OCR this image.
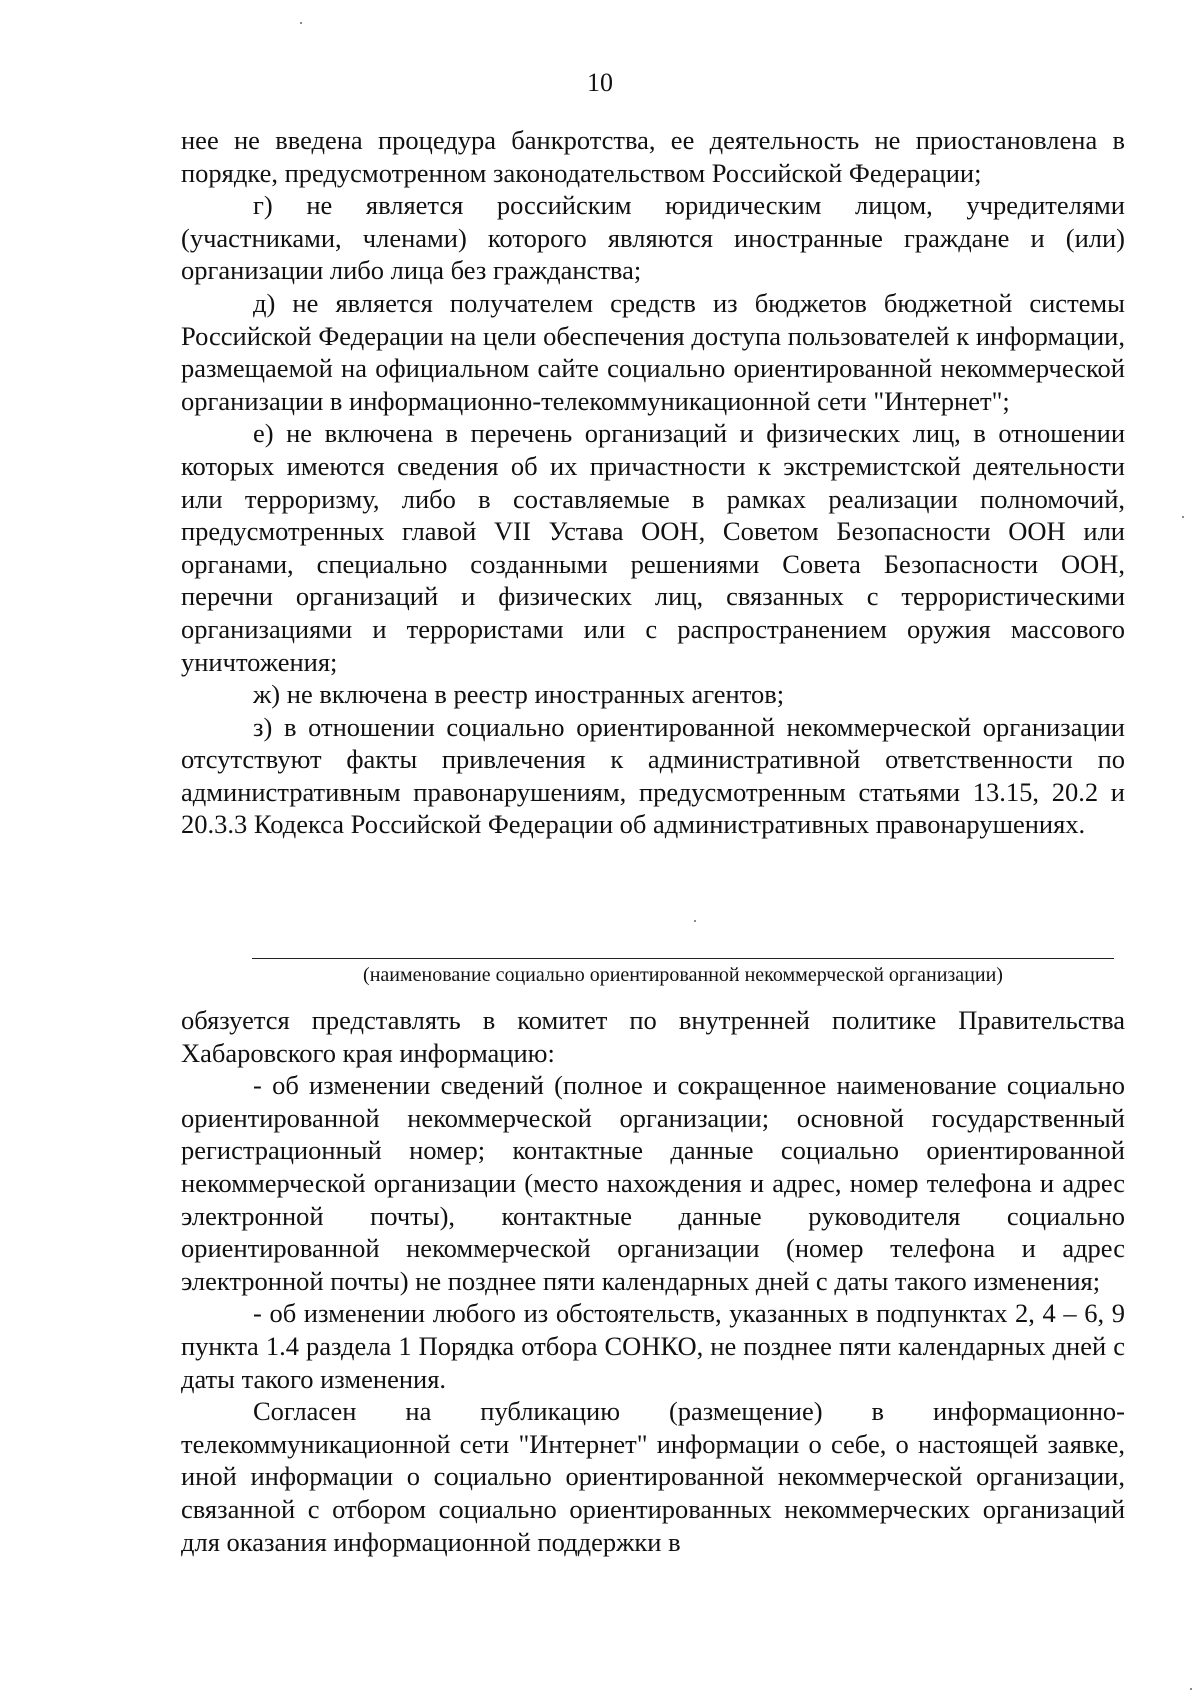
10

нее не введена процедура банкротства, ее деятельность не приостановлена в порядке, предусмотренном законодательством Российской Федерации;

г) не является российским юридическим лицом, учредителями (участниками, членами) которого являются иностранные граждане и (или) организации либо лица без гражданства;

д) не является получателем средств из бюджетов бюджетной системы Российской Федерации на цели обеспечения доступа пользователей к информации, размещаемой на официальном сайте социально ориентированной некоммерческой организации в информационно-телекоммуникационной сети "Интернет";

е) не включена в перечень организаций и физических лиц, в отношении которых имеются сведения об их причастности к экстремистской деятельности или терроризму, либо в составляемые в рамках реализации полномочий, предусмотренных главой VII Устава ООН, Советом Безопасности ООН или органами, специально созданными решениями Совета Безопасности ООН, перечни организаций и физических лиц, связанных с террористическими организациями и террористами или с распространением оружия массового уничтожения;

ж) не включена в реестр иностранных агентов;

з) в отношении социально ориентированной некоммерческой организации отсутствуют факты привлечения к административной ответственности по административным правонарушениям, предусмотренным статьями 13.15, 20.2 и 20.3.3 Кодекса Российской Федерации об административных правонарушениях.

(наименование социально ориентированной некоммерческой организации)

обязуется представлять в комитет по внутренней политике Правительства Хабаровского края информацию:

- об изменении сведений (полное и сокращенное наименование социально ориентированной некоммерческой организации; основной государственный регистрационный номер; контактные данные социально ориентированной некоммерческой организации (место нахождения и адрес, номер телефона и адрес электронной почты), контактные данные руководителя социально ориентированной некоммерческой организации (номер телефона и адрес электронной почты) не позднее пяти календарных дней с даты такого изменения;

- об изменении любого из обстоятельств, указанных в подпунктах 2, 4 – 6, 9 пункта 1.4 раздела 1 Порядка отбора СОНКО, не позднее пяти календарных дней с даты такого изменения.

Согласен на публикацию (размещение) в информационно-телекоммуникационной сети "Интернет" информации о себе, о настоящей заявке, иной информации о социально ориентированной некоммерческой организации, связанной с отбором социально ориентированных некоммерческих организаций для оказания информационной поддержки в
